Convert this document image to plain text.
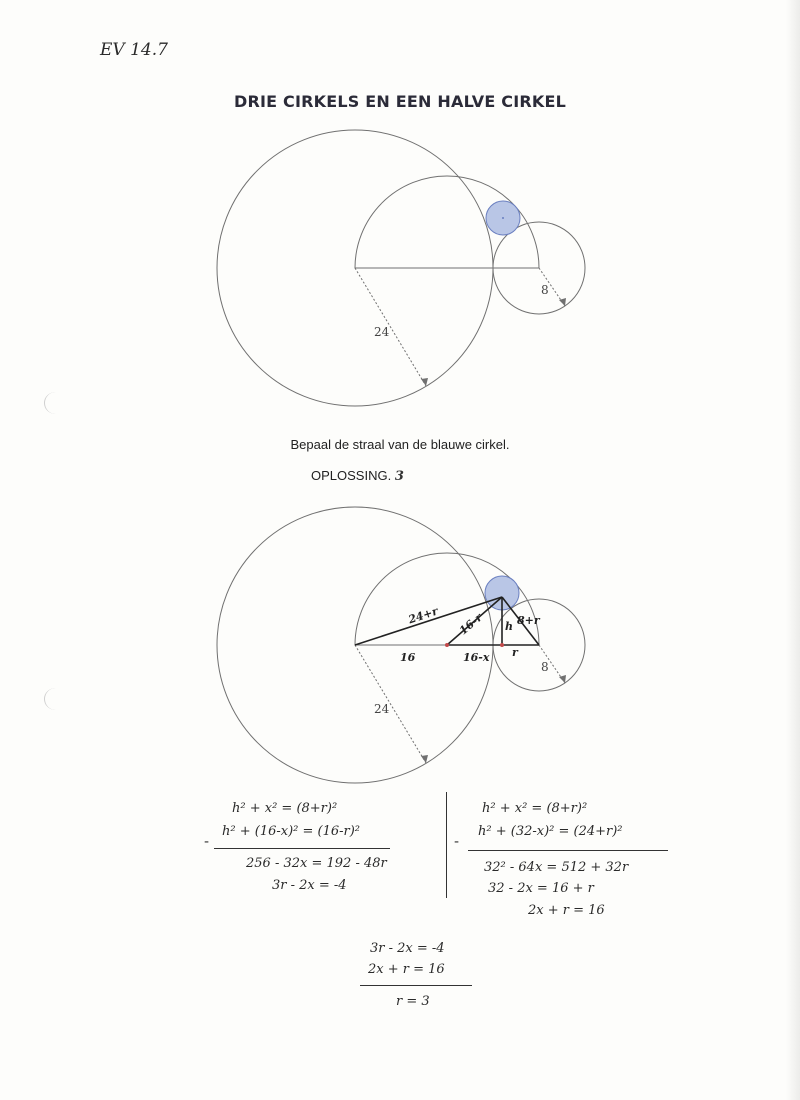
EV 14.7
DRIE CIRKELS EN EEN HALVE CIRKEL
24
8
Bepaal de straal van de blauwe cirkel.
OPLOSSING. 3
24+r 16-r h 8+r
16	16-x r
24
8
h² + x² = (8+r)²
-
h² + (16-x)² = (16-r)²
256 - 32x = 192 - 48r
3r - 2x = -4
h² + x² = (8+r)²
-
h² + (32-x)² = (24+r)²
32² - 64x = 512 + 32r
32 - 2x = 16 + r
2x + r = 16
3r - 2x = -4
2x + r = 16
r = 3
